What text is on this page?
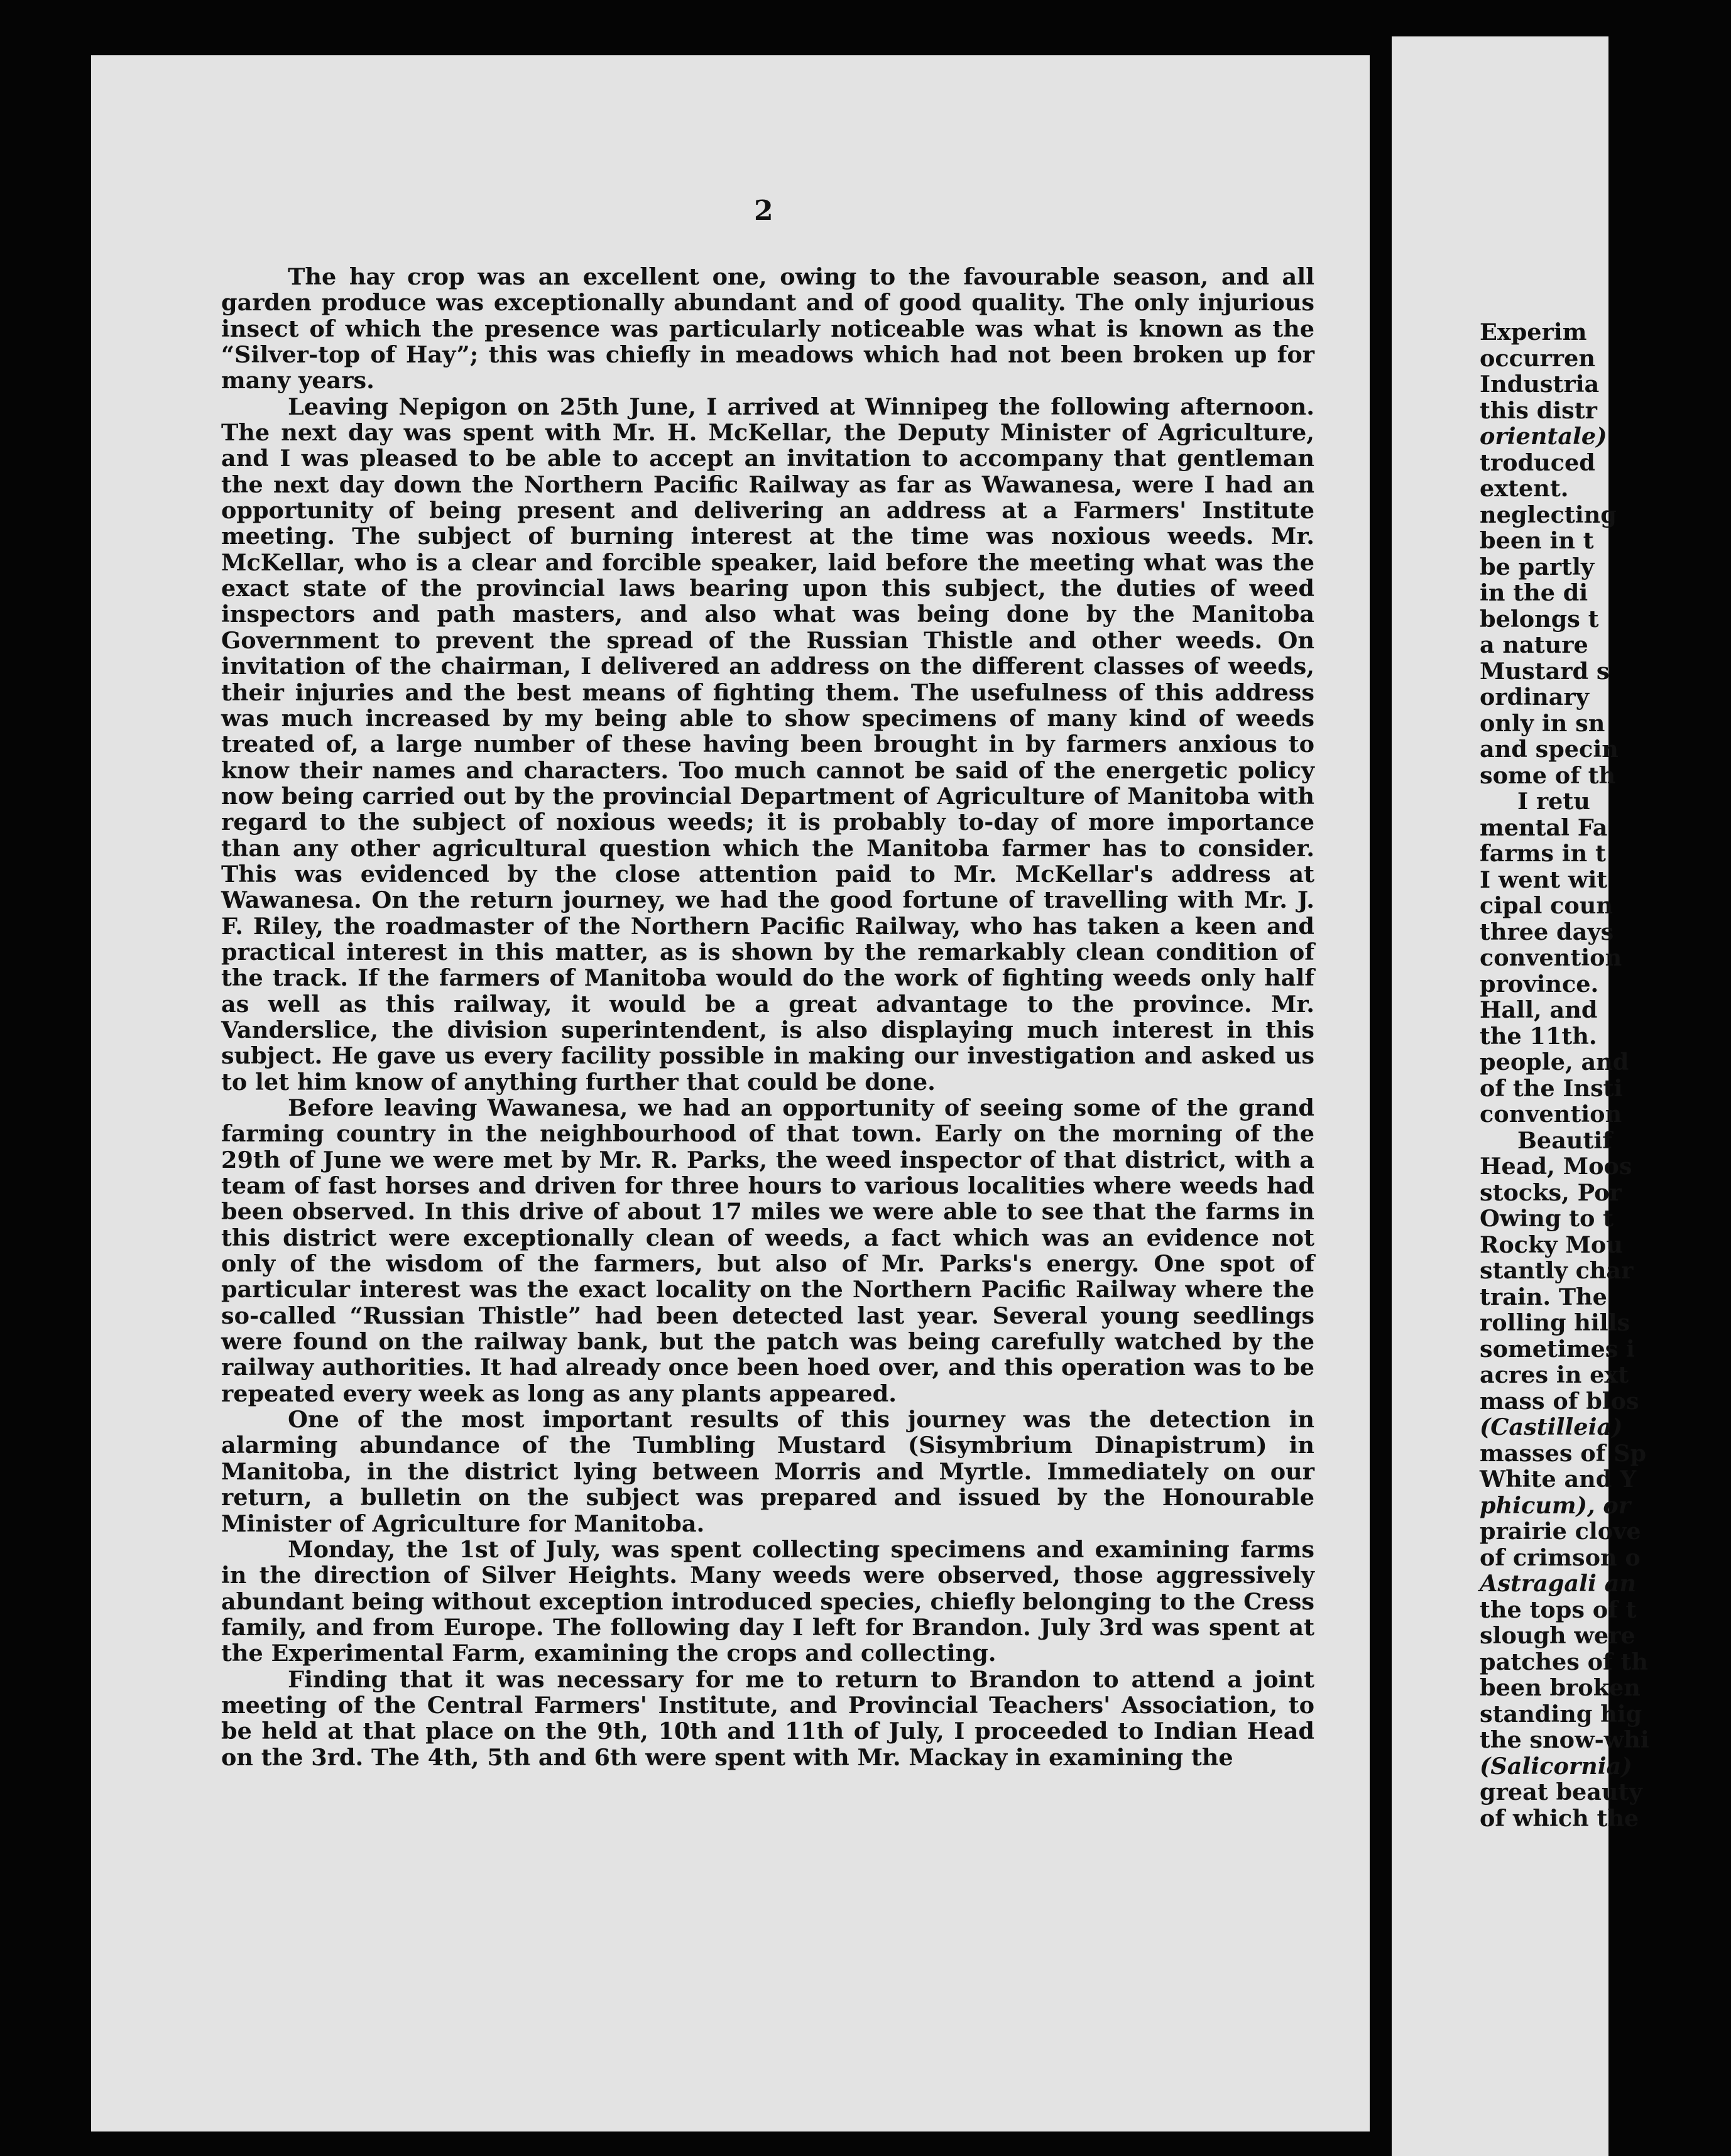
2

The hay crop was an excellent one, owing to the favourable season, and all garden produce was exceptionally abundant and of good quality. The only injurious insect of which the presence was particularly noticeable was what is known as the “Silver-top of Hay”; this was chiefly in meadows which had not been broken up for many years.

Leaving Nepigon on 25th June, I arrived at Winnipeg the following afternoon. The next day was spent with Mr. H. McKellar, the Deputy Minister of Agriculture, and I was pleased to be able to accept an invitation to accompany that gentleman the next day down the Northern Pacific Railway as far as Wawanesa, were I had an opportunity of being present and delivering an address at a Farmers' Institute meeting. The subject of burning interest at the time was noxious weeds. Mr. McKellar, who is a clear and forcible speaker, laid before the meeting what was the exact state of the provincial laws bearing upon this subject, the duties of weed inspectors and path masters, and also what was being done by the Manitoba Government to prevent the spread of the Russian Thistle and other weeds. On invitation of the chairman, I delivered an address on the different classes of weeds, their injuries and the best means of fighting them. The usefulness of this address was much increased by my being able to show specimens of many kind of weeds treated of, a large number of these having been brought in by farmers anxious to know their names and characters. Too much cannot be said of the energetic policy now being carried out by the provincial Department of Agriculture of Manitoba with regard to the subject of noxious weeds; it is probably to-day of more importance than any other agricultural question which the Manitoba farmer has to consider. This was evidenced by the close attention paid to Mr. McKellar's address at Wawanesa. On the return journey, we had the good fortune of travelling with Mr. J. F. Riley, the roadmaster of the Northern Pacific Railway, who has taken a keen and practical interest in this matter, as is shown by the remarkably clean condition of the track. If the farmers of Manitoba would do the work of fighting weeds only half as well as this railway, it would be a great advantage to the province. Mr. Vanderslice, the division superintendent, is also displaying much interest in this subject. He gave us every facility possible in making our investigation and asked us to let him know of anything further that could be done.

Before leaving Wawanesa, we had an opportunity of seeing some of the grand farming country in the neighbourhood of that town. Early on the morning of the 29th of June we were met by Mr. R. Parks, the weed inspector of that district, with a team of fast horses and driven for three hours to various localities where weeds had been observed. In this drive of about 17 miles we were able to see that the farms in this district were exceptionally clean of weeds, a fact which was an evidence not only of the wisdom of the farmers, but also of Mr. Parks's energy. One spot of particular interest was the exact locality on the Northern Pacific Railway where the so-called “Russian Thistle” had been detected last year. Several young seedlings were found on the railway bank, but the patch was being carefully watched by the railway authorities. It had already once been hoed over, and this operation was to be repeated every week as long as any plants appeared.

One of the most important results of this journey was the detection in alarming abundance of the Tumbling Mustard (Sisymbrium Dinapistrum) in Manitoba, in the district lying between Morris and Myrtle. Immediately on our return, a bulletin on the subject was prepared and issued by the Honourable Minister of Agriculture for Manitoba.

Monday, the 1st of July, was spent collecting specimens and examining farms in the direction of Silver Heights. Many weeds were observed, those aggressively abundant being without exception introduced species, chiefly belonging to the Cress family, and from Europe. The following day I left for Brandon. July 3rd was spent at the Experimental Farm, examining the crops and collecting.

Finding that it was necessary for me to return to Brandon to attend a joint meeting of the Central Farmers' Institute, and Provincial Teachers' Association, to be held at that place on the 9th, 10th and 11th of July, I proceeded to Indian Head on the 3rd. The 4th, 5th and 6th were spent with Mr. Mackay in examining the

Experim
occurren
Industria
this distr
orientale)
troduced
extent.
neglecting
been in t
be partly
in the di
belongs t
a nature
Mustard s
ordinary
only in sn
and specin
some of th
I retu
mental Fa
farms in t
I went wit
cipal coun
three days
convention
province.
Hall, and
the 11th.
people, and
of the Insti
convention
Beautif
Head, Moos
stocks, Por
Owing to t
Rocky Mou
stantly char
train. The
rolling hills
sometimes i
acres in ext
mass of blos
(Castilleia)
masses of Sp
White and Y
phicum), or
prairie clove
of crimson o
Astragali an
the tops of t
slough were
patches of th
been broken
standing hig
the snow-whi
(Salicornia)
great beauty
of which the
